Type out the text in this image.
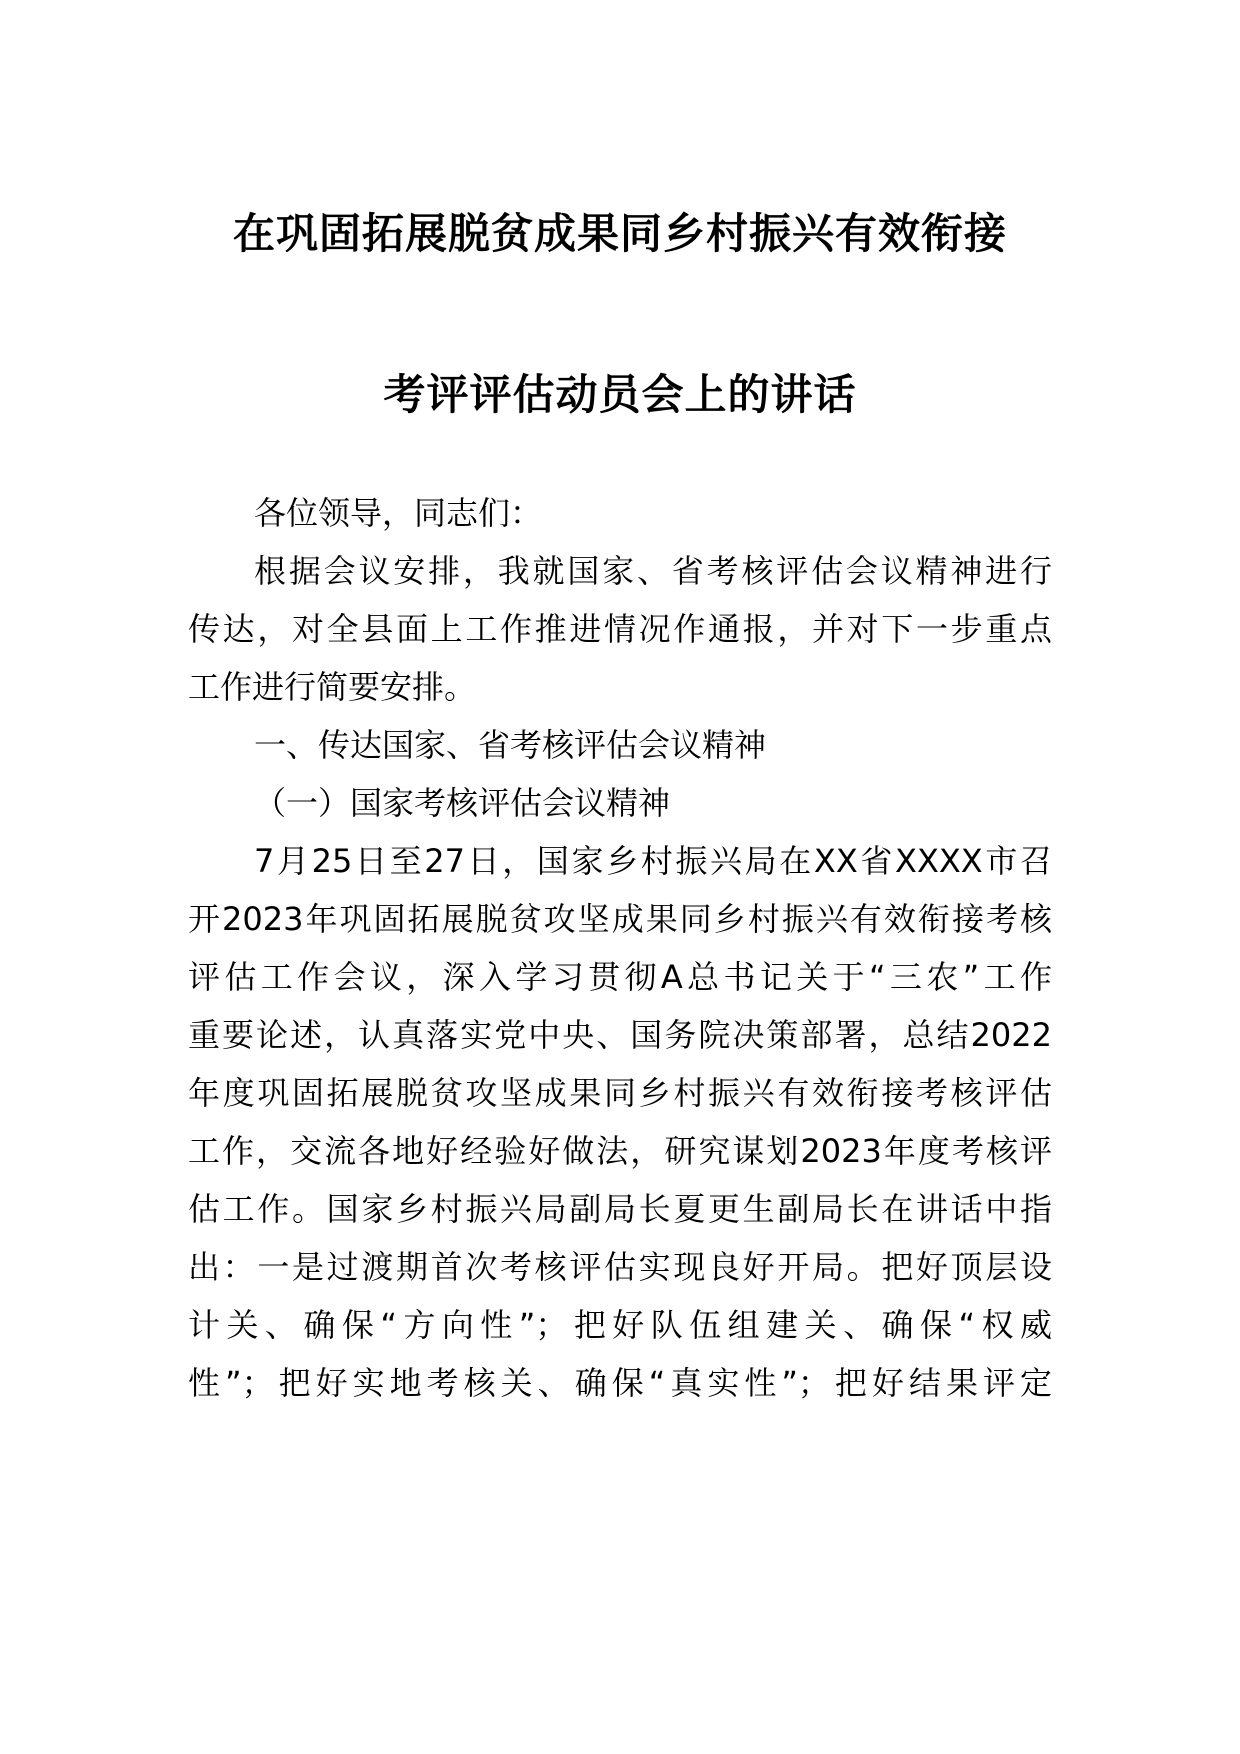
在巩固拓展脱贫成果同乡村振兴有效衔接
考评评估动员会上的讲话
各位领导，同志们：
根据会议安排，我就国家、省考核评估会议精神进行
传达，对全县面上工作推进情况作通报，并对下一步重点
工作进行简要安排。
一、传达国家、省考核评估会议精神
（一）国家考核评估会议精神
7月25日至27日，国家乡村振兴局在XX省XXXX市召
开2023年巩固拓展脱贫攻坚成果同乡村振兴有效衔接考核
评估工作会议，深入学习贯彻A总书记关于“三农”工作
重要论述，认真落实党中央、国务院决策部署，总结2022
年度巩固拓展脱贫攻坚成果同乡村振兴有效衔接考核评估
工作，交流各地好经验好做法，研究谋划2023年度考核评
估工作。国家乡村振兴局副局长夏更生副局长在讲话中指
出：一是过渡期首次考核评估实现良好开局。把好顶层设
计关、确保“方向性”；把好队伍组建关、确保“权威
性”；把好实地考核关、确保“真实性”；把好结果评定
